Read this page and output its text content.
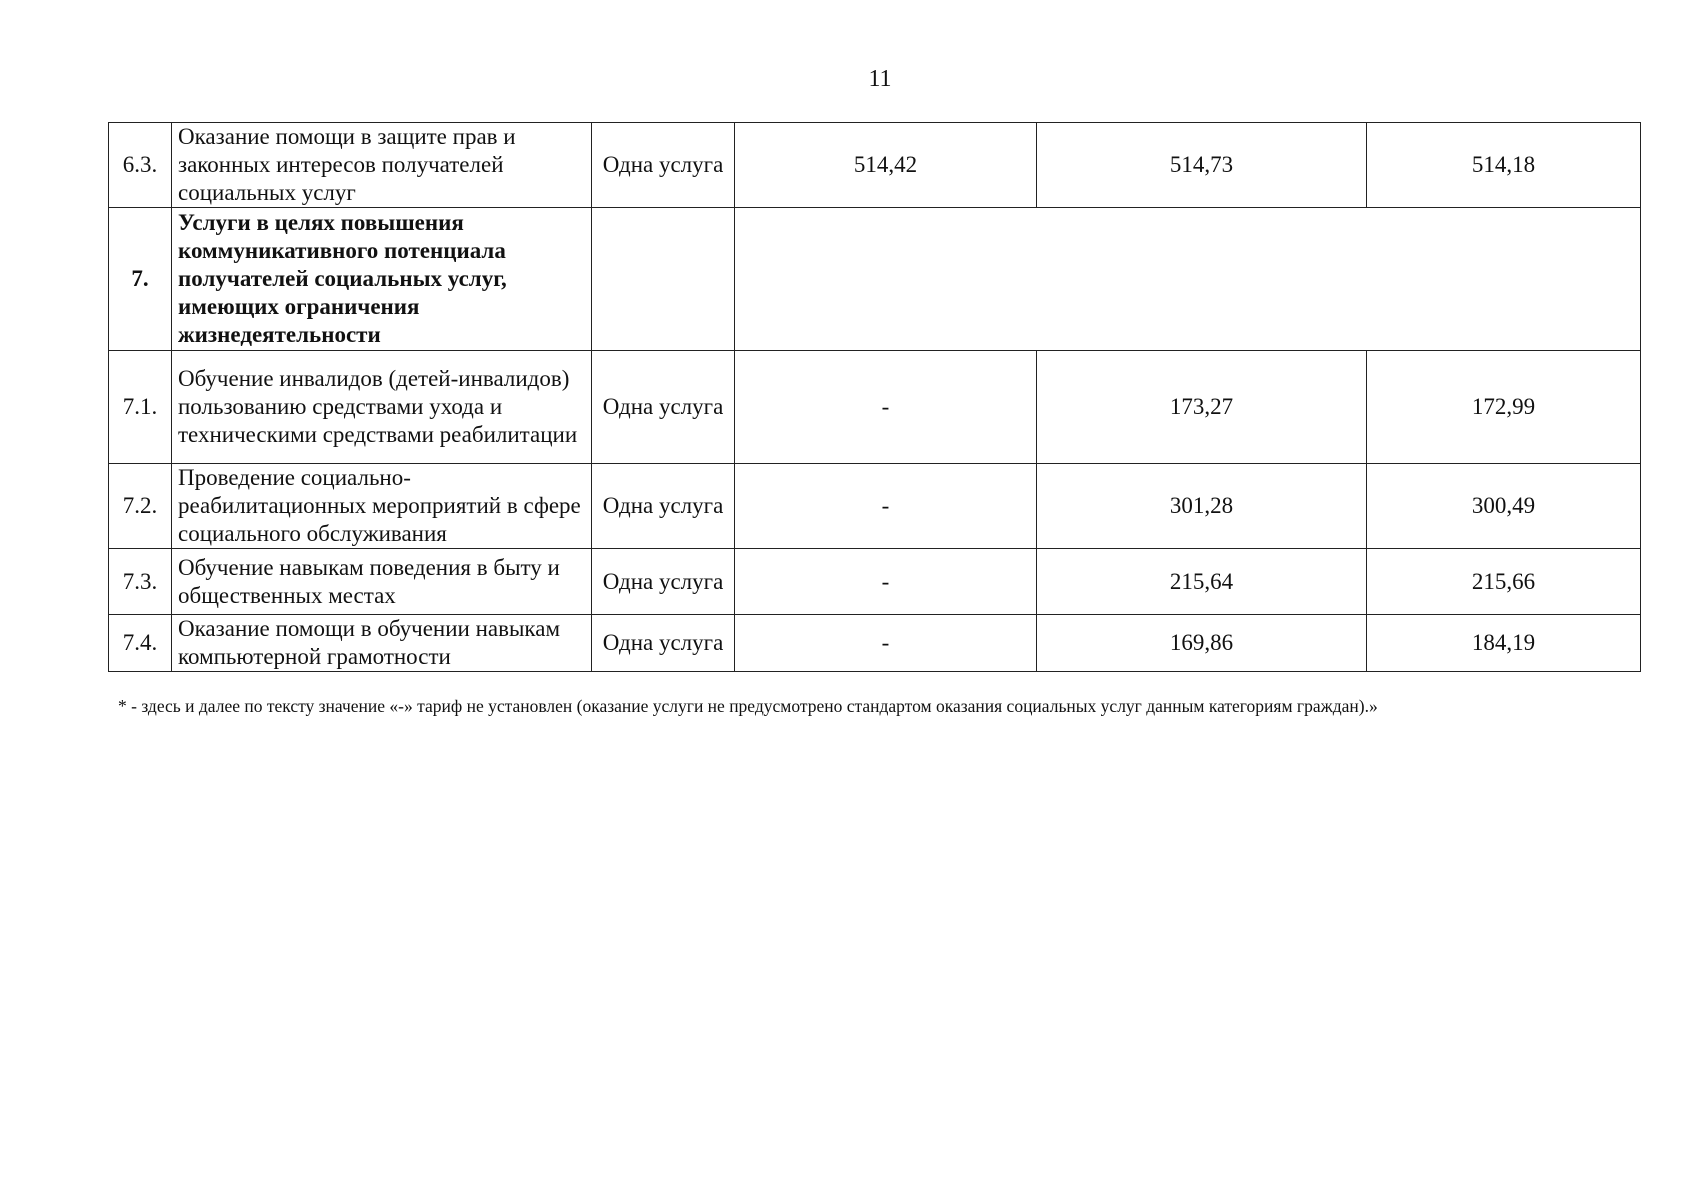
11
6.3.	Оказание помощи в защите прав и законных интересов получателей социальных услуг	Одна услуга	514,42	514,73	514,18
7.	Услуги в целях повышения коммуникативного потенциала получателей социальных услуг, имеющих ограничения жизнедеятельности				
7.1.	Обучение инвалидов (детей-инвалидов) пользованию средствами ухода и техническими средствами реабилитации	Одна услуга	-	173,27	172,99
7.2.	Проведение социально-реабилитационных мероприятий в сфере социального обслуживания	Одна услуга	-	301,28	300,49
7.3.	Обучение навыкам поведения в быту и общественных местах	Одна услуга	-	215,64	215,66
7.4.	Оказание помощи в обучении навыкам компьютерной грамотности	Одна услуга	-	169,86	184,19
* - здесь и далее по тексту значение «-» тариф не установлен (оказание услуги не предусмотрено стандартом оказания социальных услуг данным категориям граждан).»
